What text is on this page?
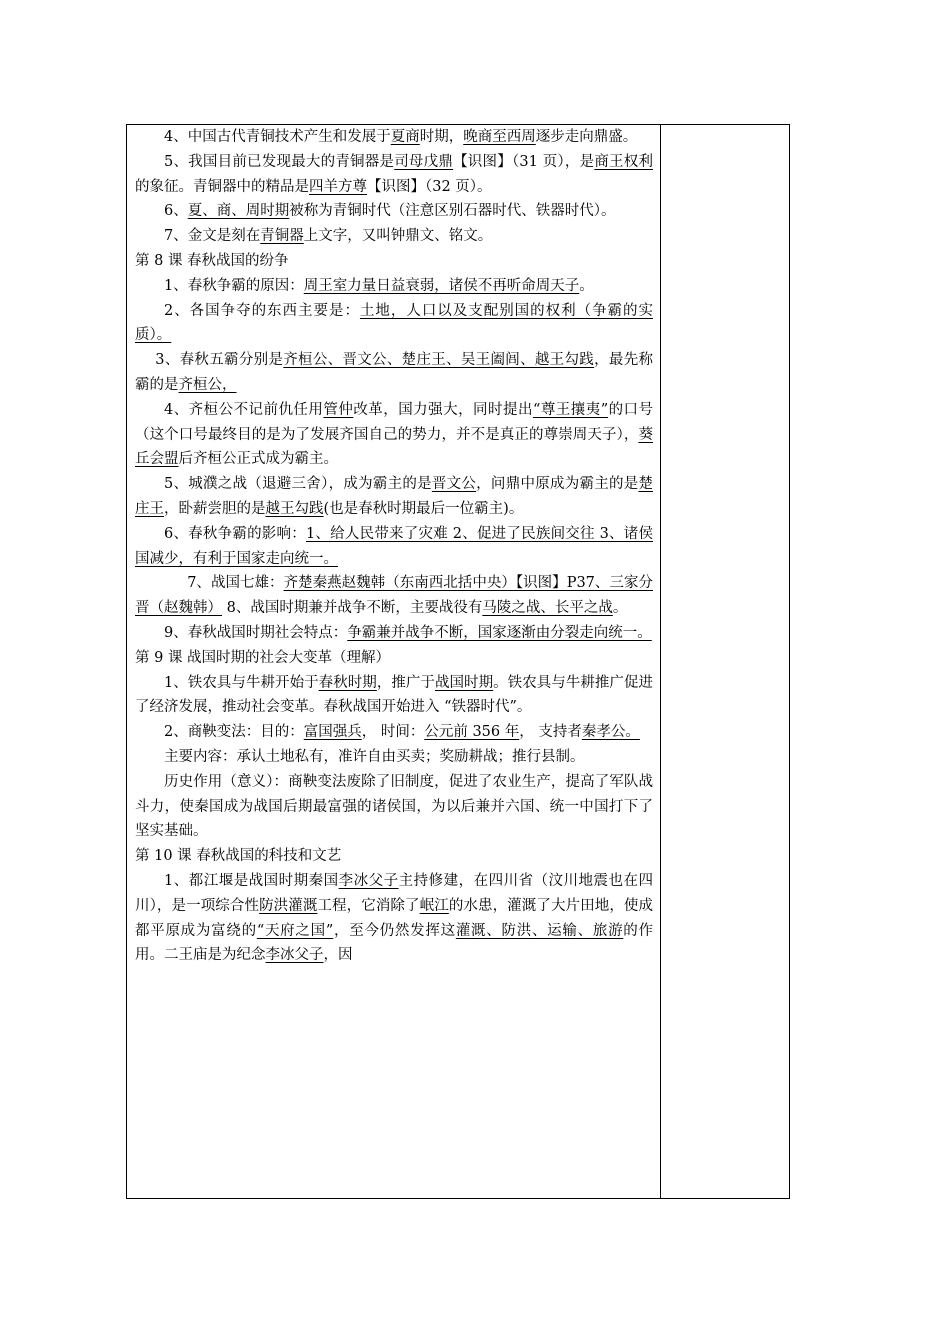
4、中国古代青铜技术产生和发展于夏商时期，晚商至西周逐步走向鼎盛。

5、我国目前已发现最大的青铜器是司母戊鼎【识图】（31 页），是商王权利的象征。青铜器中的精品是四羊方尊【识图】（32 页）。

6、夏、商、周时期被称为青铜时代（注意区别石器时代、铁器时代）。

7、金文是刻在青铜器上文字，又叫钟鼎文、铭文。

第 8 课 春秋战国的纷争

1、春秋争霸的原因：周王室力量日益衰弱，诸侯不再听命周天子。

2、各国争夺的东西主要是：土地，人口以及支配别国的权利（争霸的实质）。

3、春秋五霸分别是齐桓公、晋文公、楚庄王、吴王阖闾、越王勾践，最先称霸的是齐桓公，

4、齐桓公不记前仇任用管仲改革，国力强大，同时提出“尊王攘夷”的口号（这个口号最终目的是为了发展齐国自己的势力，并不是真正的尊崇周天子），葵丘会盟后齐桓公正式成为霸主。

5、城濮之战（退避三舍），成为霸主的是晋文公，问鼎中原成为霸主的是楚庄王，卧薪尝胆的是越王勾践(也是春秋时期最后一位霸主)。

6、春秋争霸的影响：1、给人民带来了灾难 2、促进了民族间交往 3、诸侯国减少，有利于国家走向统一。

7、战国七雄：齐楚秦燕赵魏韩（东南西北括中央）【识图】P37、三家分晋（赵魏韩） 8、战国时期兼并战争不断，主要战役有马陵之战、长平之战。

9、春秋战国时期社会特点：争霸兼并战争不断，国家逐渐由分裂走向统一。

第 9 课 战国时期的社会大变革（理解）

1、铁农具与牛耕开始于春秋时期，推广于战国时期。铁农具与牛耕推广促进了经济发展，推动社会变革。春秋战国开始进入 “铁器时代”。

2、商鞅变法：目的：富国强兵， 时间：公元前 356 年， 支持者秦孝公。

主要内容：承认土地私有，准许自由买卖；奖励耕战；推行县制。

历史作用（意义）：商鞅变法废除了旧制度，促进了农业生产，提高了军队战斗力，使秦国成为战国后期最富强的诸侯国，为以后兼并六国、统一中国打下了坚实基础。

第 10 课 春秋战国的科技和文艺

1、都江堰是战国时期秦国李冰父子主持修建，在四川省（汶川地震也在四川），是一项综合性防洪灌溉工程，它消除了岷江的水患，灌溉了大片田地，使成都平原成为富绕的“天府之国”，至今仍然发挥这灌溉、防洪、运输、旅游的作用。二王庙是为纪念李冰父子，因
